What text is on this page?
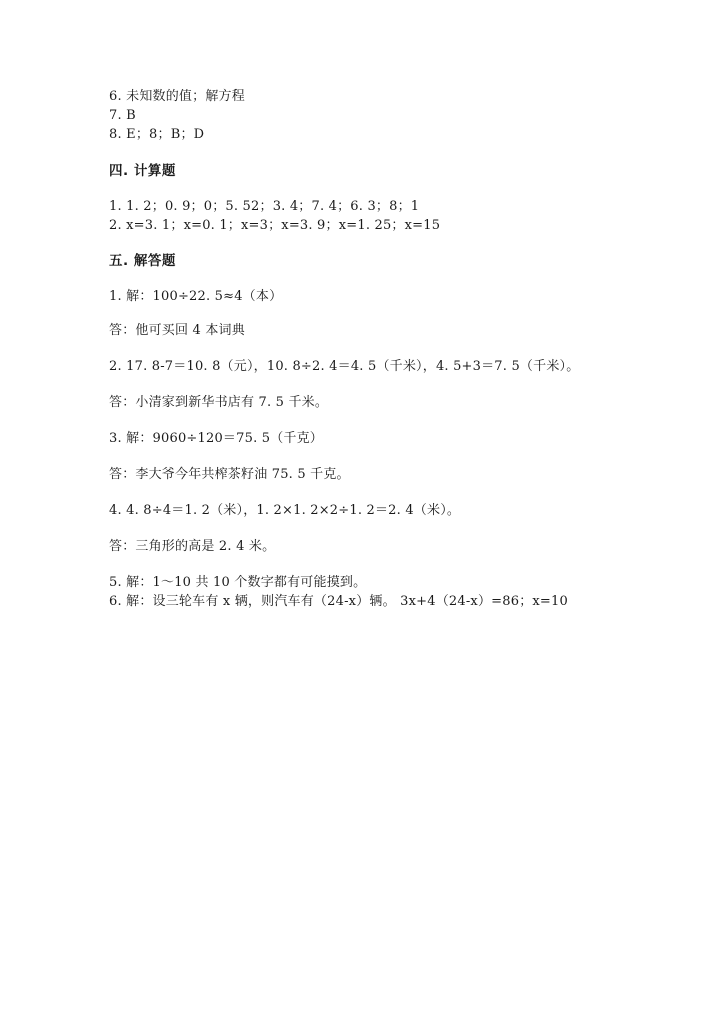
6. 未知数的值；解方程
7. B
8. E；8；B；D
四. 计算题
1. 1. 2；0. 9；0；5. 52；3. 4；7. 4；6. 3；8；1
2. x=3. 1；x=0. 1；x=3；x=3. 9；x=1. 25；x=15
五. 解答题
1. 解：100÷22. 5≈4（本）
答：他可买回 4 本词典
2. 17. 8-7＝10. 8（元），10. 8÷2. 4＝4. 5（千米），4. 5+3＝7. 5（千米）。
答：小清家到新华书店有 7. 5 千米。
3. 解：9060÷120＝75. 5（千克）
答：李大爷今年共榨茶籽油 75. 5 千克。
4. 4. 8÷4＝1. 2（米），1. 2×1. 2×2÷1. 2＝2. 4（米）。
答：三角形的高是 2. 4 米。
5. 解：1～10 共 10 个数字都有可能摸到。
6. 解：设三轮车有 x 辆，则汽车有（24-x）辆。 3x+4（24-x）=86；x=10
